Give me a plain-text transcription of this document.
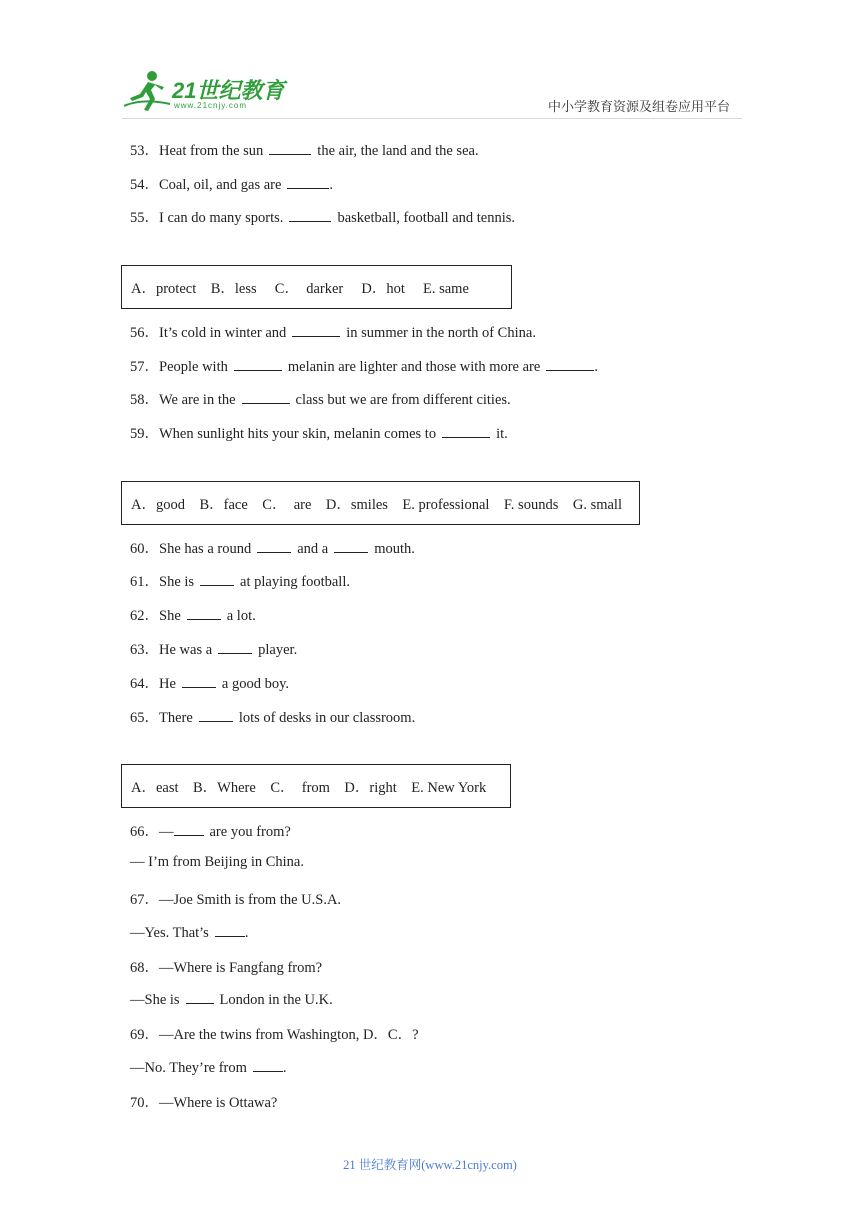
21世纪教育
www.21cnjy.com	中小学教育资源及组卷应用平台
53．Heat from the sun	the air, the land and the sea.
54．Coal, oil, and gas are	.
55．I can do many sports.	basketball, football and tennis.
A．protect　B．less　 C．　darker　 D．hot　 E. same
56．It’s cold in winter and	in summer in the north of China.
57．People with	melanin are lighter and those with more are	.
58．We are in the	class but we are from different cities.
59．When sunlight hits your skin, melanin comes to	it.
A．good　B．face　C．　are　D．smiles　E. professional　F. sounds　G. small
60．She has a round	and a	mouth.
61．She is	at playing football.
62．She	a lot.
63．He was a	player.
64．He	a good boy.
65．There	lots of desks in our classroom.
A．east　B．Where　C．　from　D．right　E. New York
66．— are you from?
— I’m from Beijing in China.
67．—Joe Smith is from the U.S.A.
—Yes. That’s .
68．—Where is Fangfang from?
—She is	London in the U.K.
69．—Are the twins from Washington, D．C．?
—No. They’re from .
70．—Where is Ottawa?
21 世纪教育网(www.21cnjy.com)
